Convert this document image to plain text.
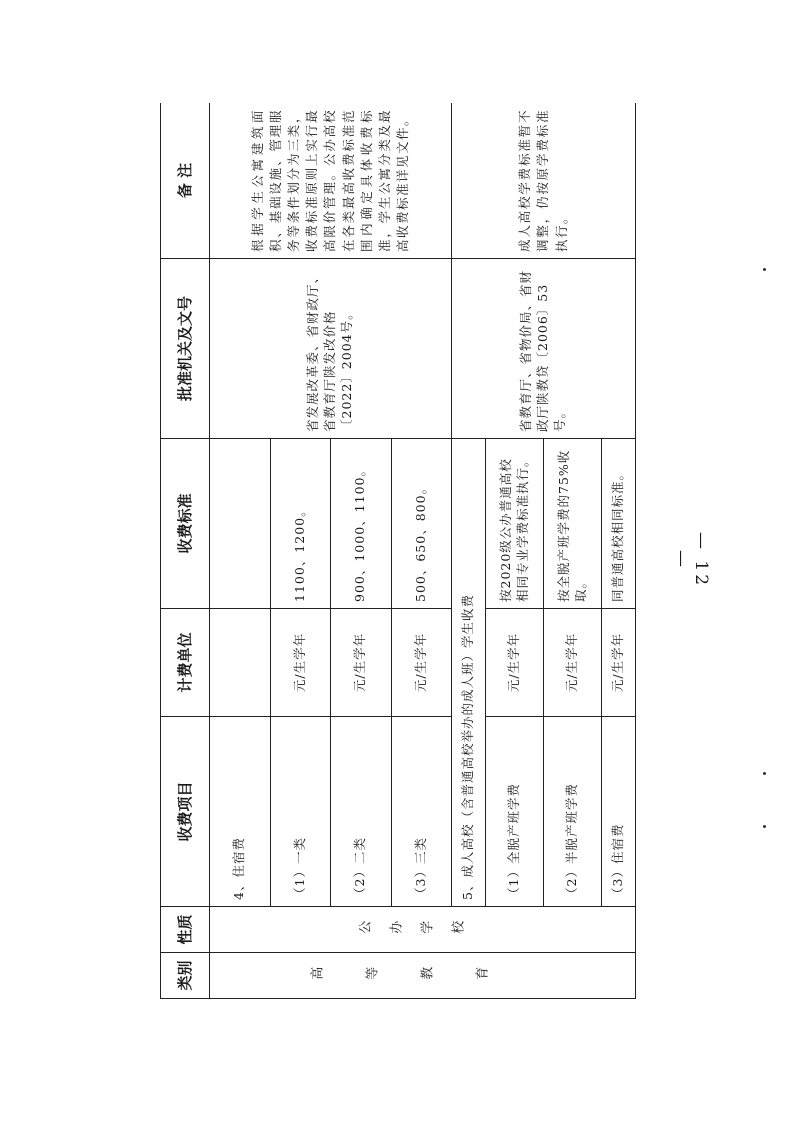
类别	性质	收费项目	计费单位	收费标准	批准机关及文号	备 注
高等教育	公办学校	4、住宿费			省发展改革委、省财政厅、省教育厅陕发改价格〔2022〕2004号。	根据学生公寓建筑面积、基础设施、管理服务等条件划分为三类，收费标准原则上实行最高限价管理。公办高校在各类最高收费标准范围内确定具体收费标准，学生公寓分类及最高收费标准详见文件。
		（1）一类	元/生学年	1100、1200。		
		（2）二类	元/生学年	900、1000、1100。		
		（3）三类	元/生学年	500、650、800。		
		5、成人高校（含普通高校举办的成人班）学生收费			省教育厅、省物价局、省财政厅陕教贷〔2006〕53号。	成人高校学费标准暂不调整，仍按原学费标准执行。
		（1）全脱产班学费	元/生学年	按2020级公办普通高校相同专业学费标准执行。		
		（2）半脱产班学费	元/生学年	按全脱产班学费的75%收取。		
		（3）住宿费	元/生学年	同普通高校相同标准。			— 12 —
